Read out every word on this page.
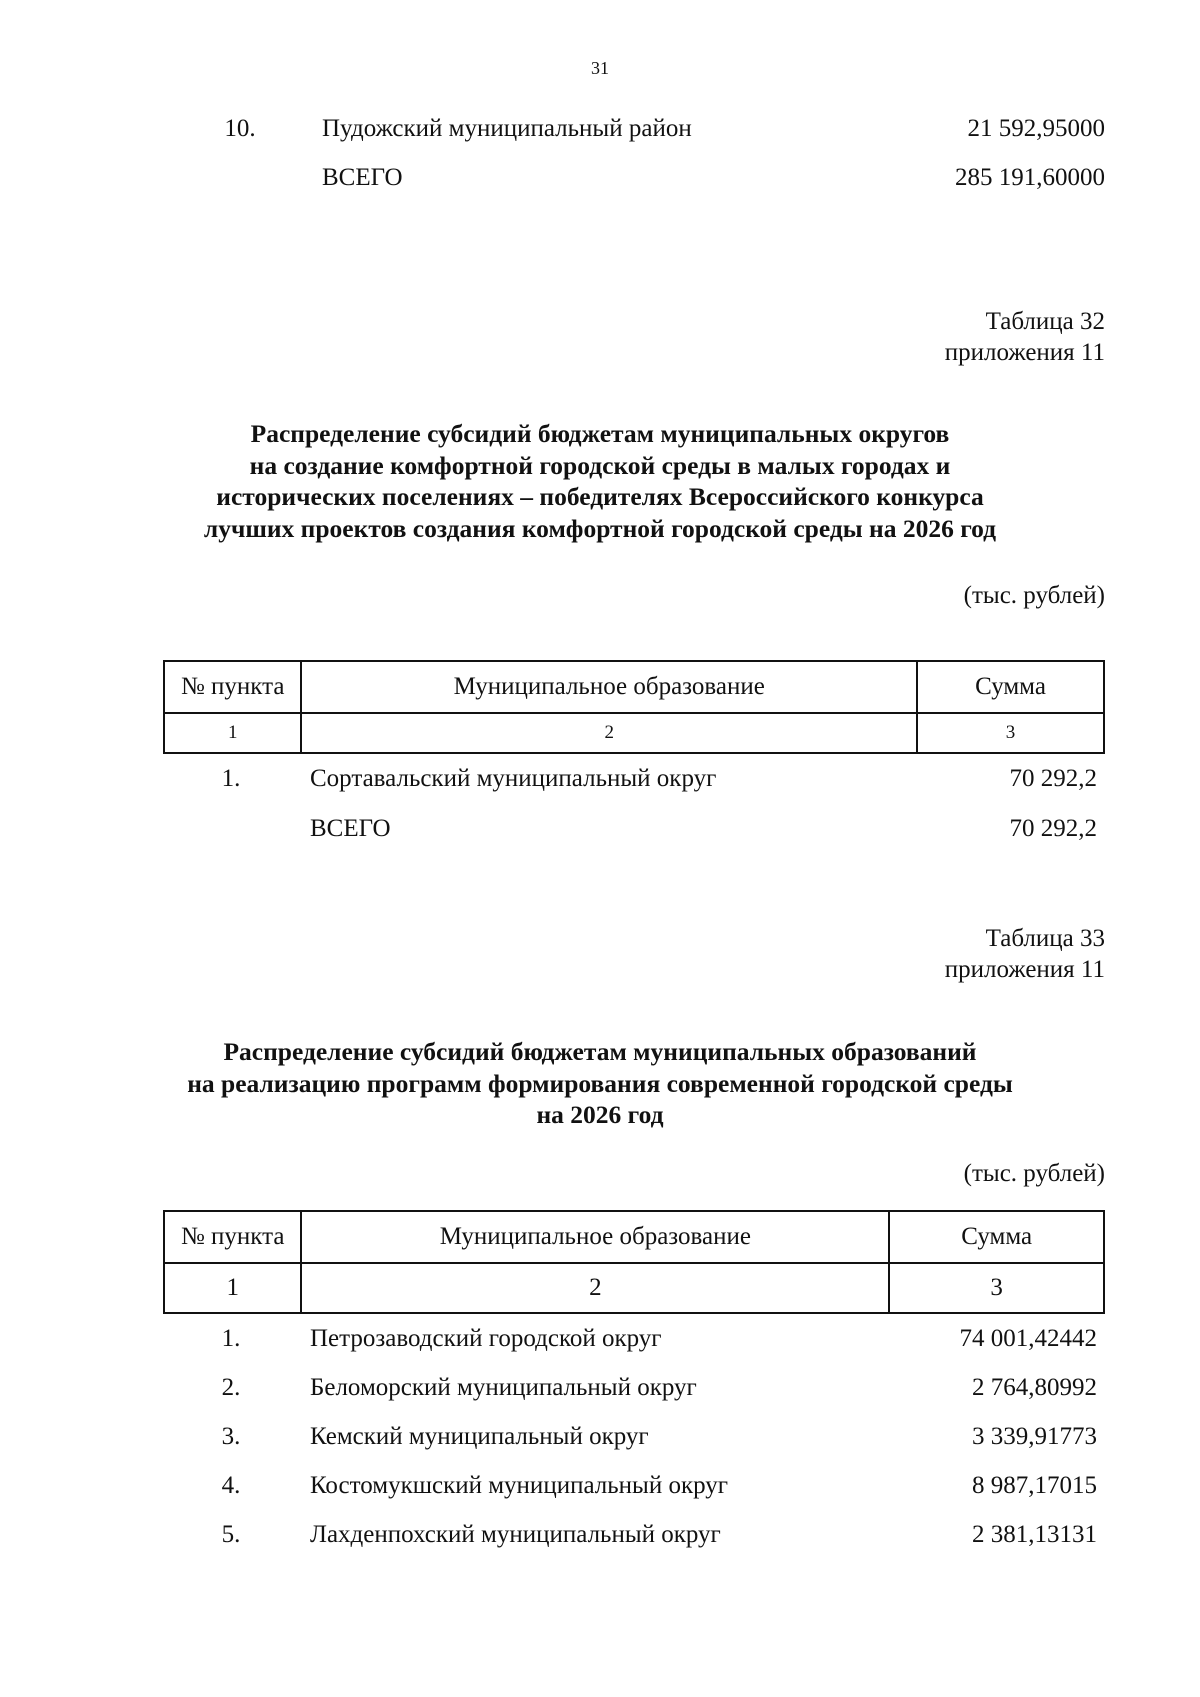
31
10.	Пудожский муниципальный район	21 592,95000
ВСЕГО	285 191,60000
Таблица 32
приложения 11
Распределение субсидий бюджетам муниципальных округов
на создание комфортной городской среды в малых городах и
исторических поселениях – победителях Всероссийского конкурса
лучших проектов создания комфортной городской среды на 2026 год
(тыс. рублей)
№ пункта	Муниципальное образование	Сумма
1	2	3
1.	Сортавальский муниципальный округ	70 292,2
ВСЕГО	70 292,2
Таблица 33
приложения 11
Распределение субсидий бюджетам муниципальных образований
на реализацию программ формирования современной городской среды
на 2026 год
(тыс. рублей)
№ пункта	Муниципальное образование	Сумма
1	2	3
1.	Петрозаводский городской округ	74 001,42442
2.	Беломорский муниципальный округ	2 764,80992
3.	Кемский муниципальный округ	3 339,91773
4.	Костомукшский муниципальный округ	8 987,17015
5.	Лахденпохский муниципальный округ	2 381,13131
